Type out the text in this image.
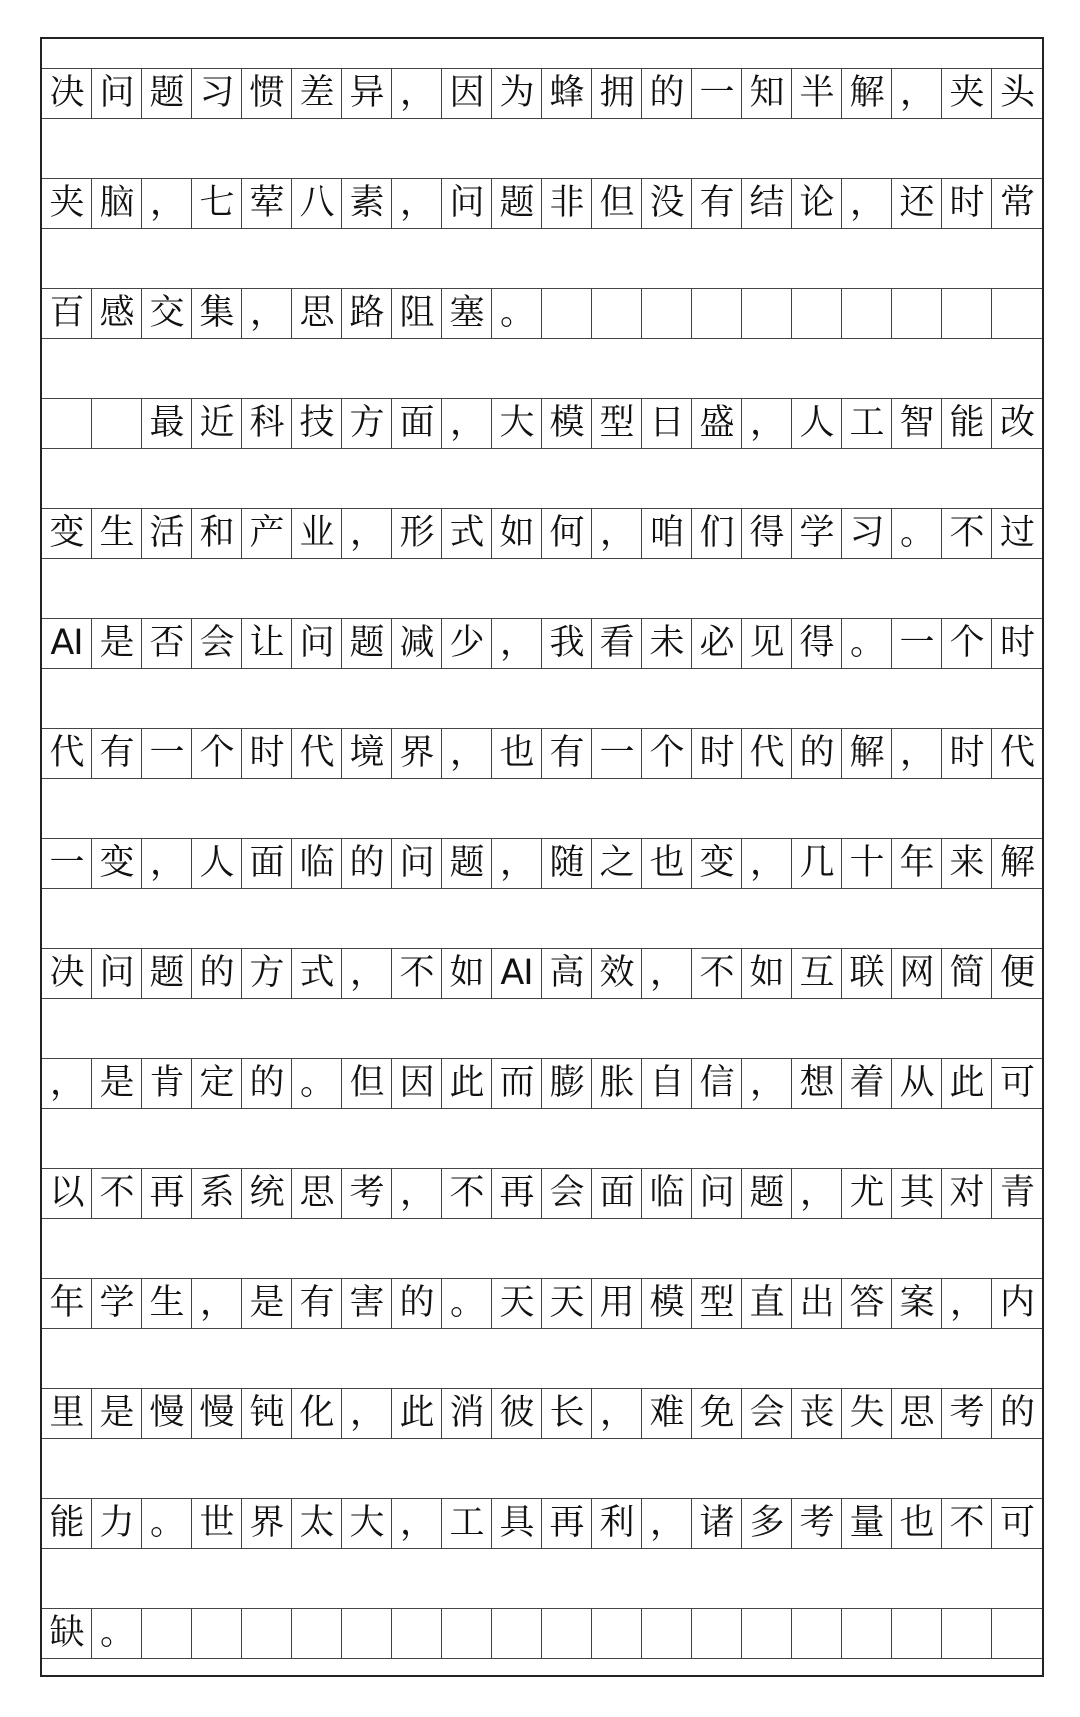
决 问 题 习 惯 差 异 ， 因 为 蜂 拥 的 一 知 半 解 ， 夹 头
夹 脑 ， 七 荤 八 素 ， 问 题 非 但 没 有 结 论 ， 还 时 常
百 感 交 集 ， 思 路 阻 塞 。
最 近 科 技 方 面 ， 大 模 型 日 盛 ， 人 工 智 能 改
变 生 活 和 产 业 ， 形 式 如 何 ， 咱 们 得 学 习 。 不 过
AI 是 否 会 让 问 题 减 少 ， 我 看 未 必 见 得 。 一 个 时
代 有 一 个 时 代 境 界 ， 也 有 一 个 时 代 的 解 ， 时 代
一 变 ， 人 面 临 的 问 题 ， 随 之 也 变 ， 几 十 年 来 解
决 问 题 的 方 式 ， 不 如 AI 高 效 ， 不 如 互 联 网 简 便
， 是 肯 定 的 。 但 因 此 而 膨 胀 自 信 ， 想 着 从 此 可
以 不 再 系 统 思 考 ， 不 再 会 面 临 问 题 ， 尤 其 对 青
年 学 生 ， 是 有 害 的 。 天 天 用 模 型 直 出 答 案 ， 内
里 是 慢 慢 钝 化 ， 此 消 彼 长 ， 难 免 会 丧 失 思 考 的
能 力 。 世 界 太 大 ， 工 具 再 利 ， 诸 多 考 量 也 不 可
缺 。
